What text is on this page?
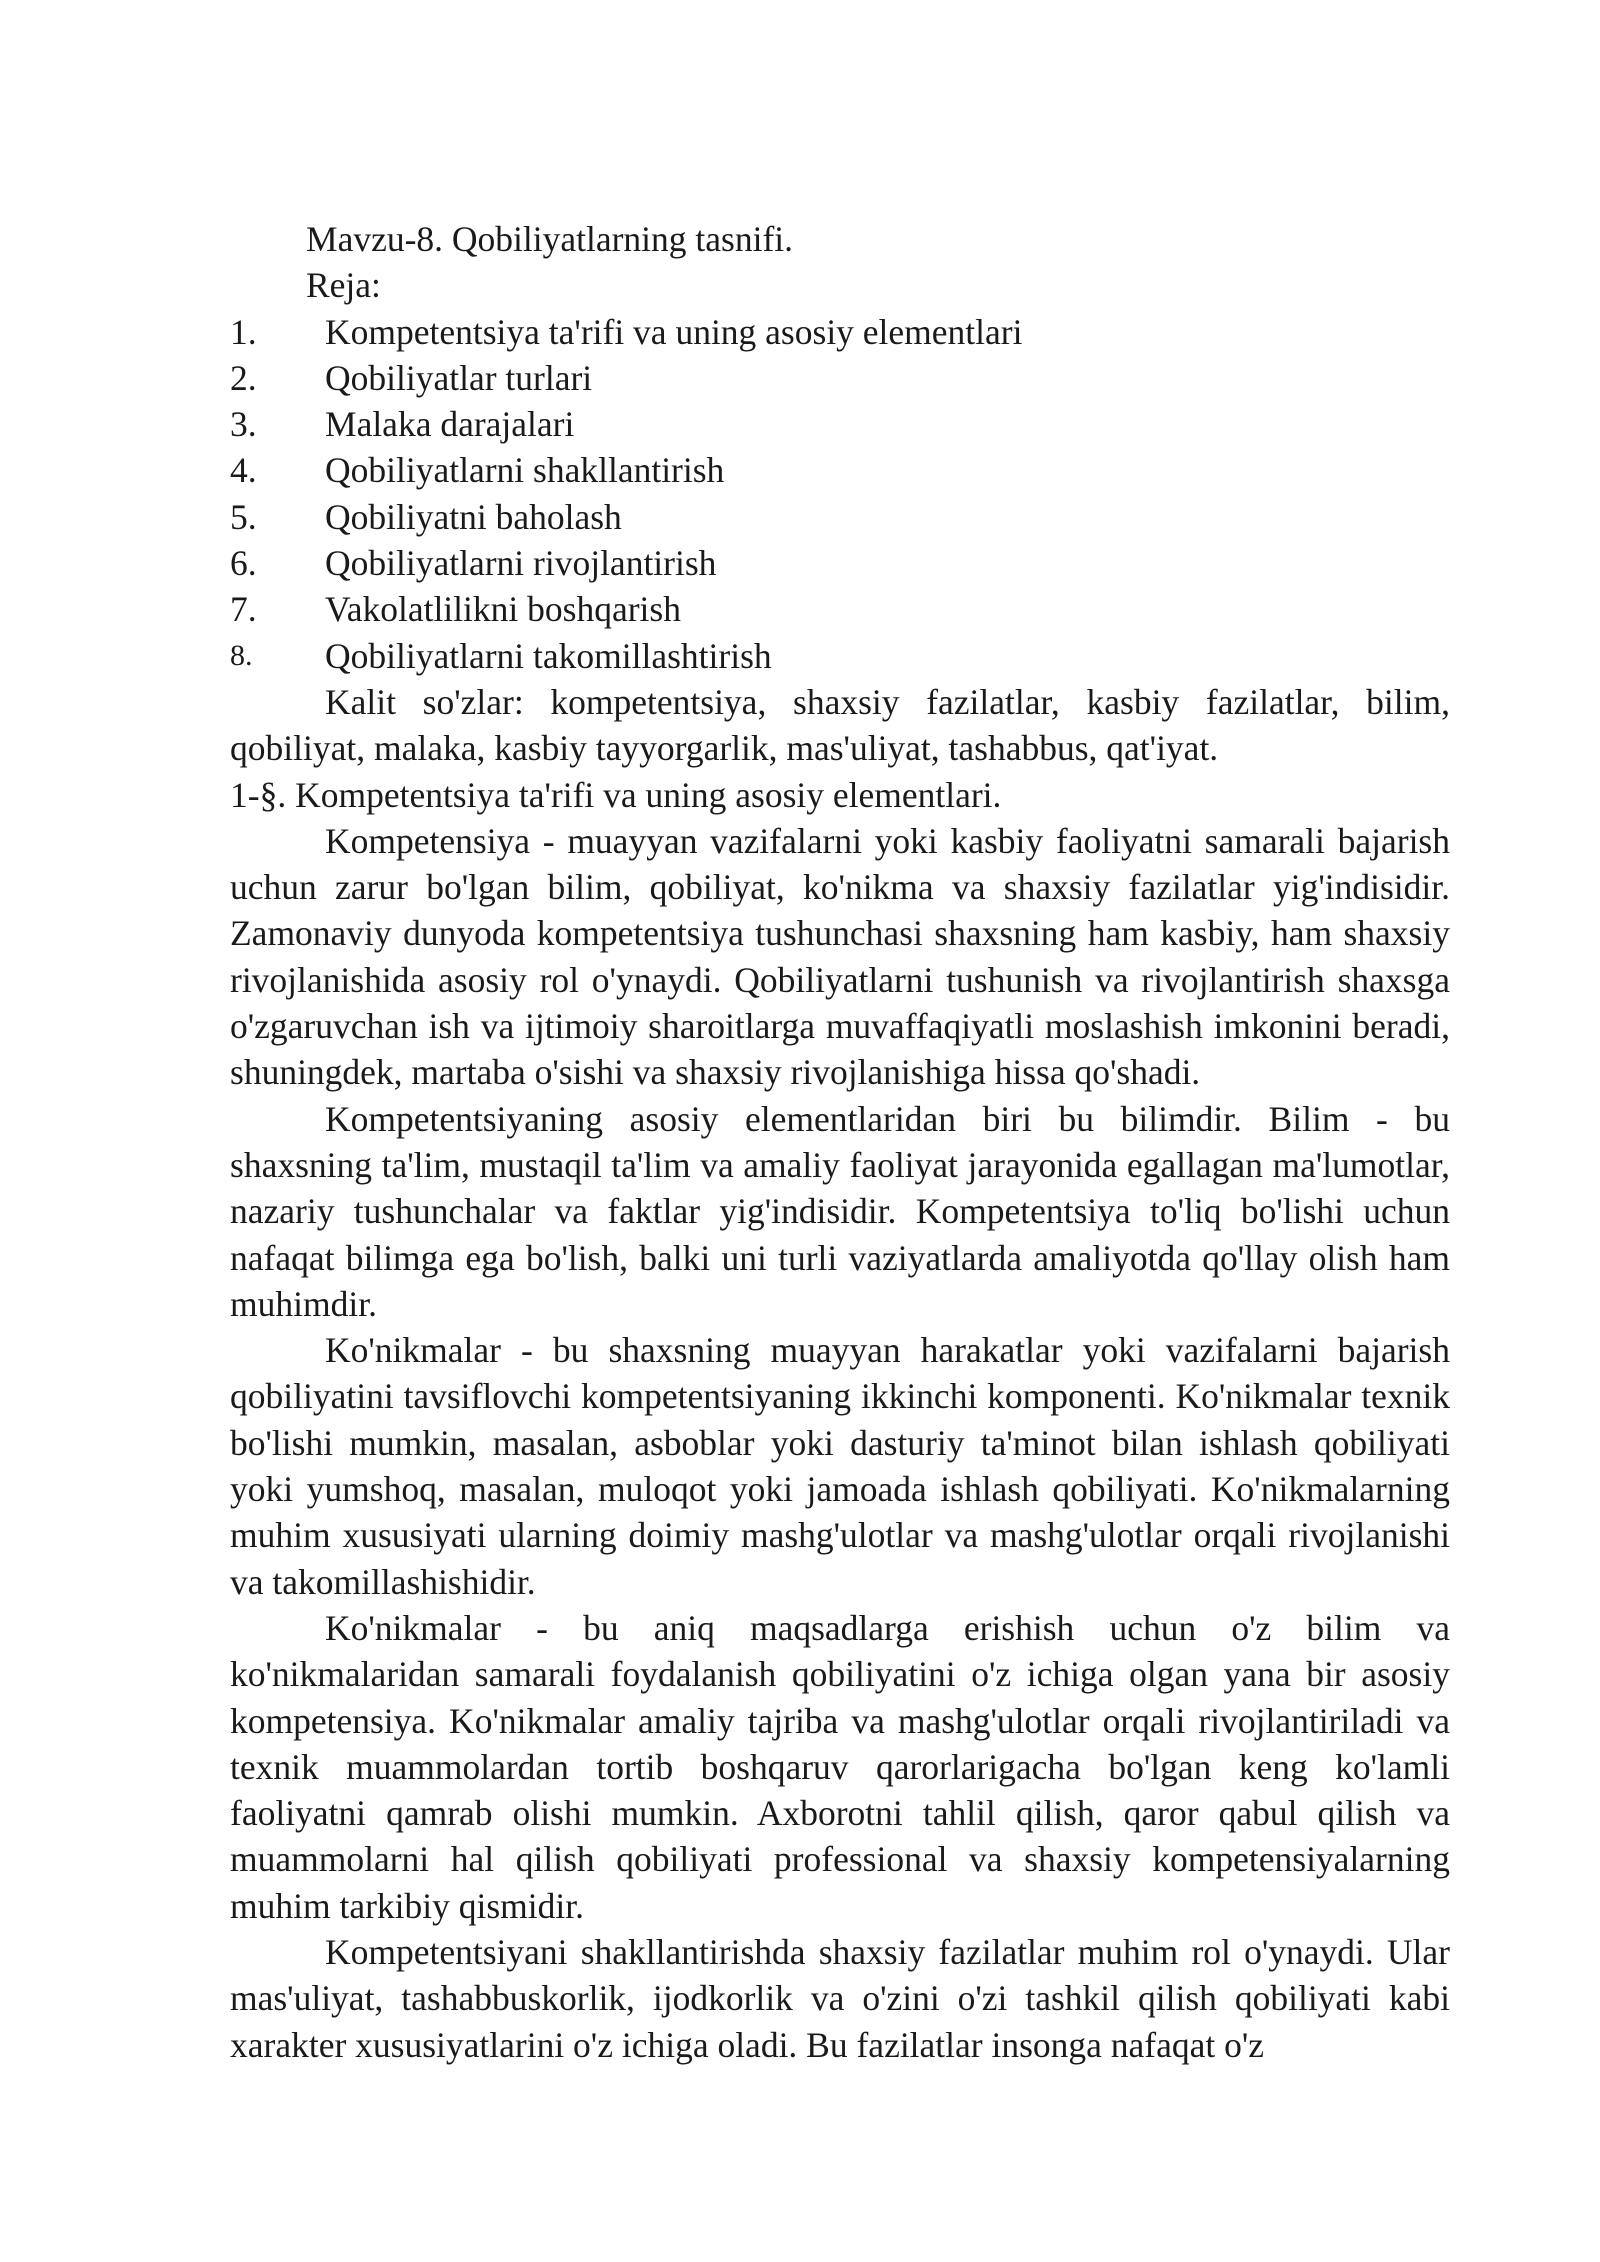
Mavzu-8. Qobiliyatlarning tasnifi.
Reja:
1.	Kompetentsiya ta'rifi va uning asosiy elementlari
2.	Qobiliyatlar turlari
3.	Malaka darajalari
4.	Qobiliyatlarni shakllantirish
5.	Qobiliyatni baholash
6.	Qobiliyatlarni rivojlantirish
7.	Vakolatlilikni boshqarish
8.	Qobiliyatlarni takomillashtirish

Kalit so'zlar: kompetentsiya, shaxsiy fazilatlar, kasbiy fazilatlar, bilim, qobiliyat, malaka, kasbiy tayyorgarlik, mas'uliyat, tashabbus, qat'iyat.

1-§. Kompetentsiya ta'rifi va uning asosiy elementlari.

Kompetensiya - muayyan vazifalarni yoki kasbiy faoliyatni samarali bajarish uchun zarur bo'lgan bilim, qobiliyat, ko'nikma va shaxsiy fazilatlar yig'indisidir. Zamonaviy dunyoda kompetentsiya tushunchasi shaxsning ham kasbiy, ham shaxsiy rivojlanishida asosiy rol o'ynaydi. Qobiliyatlarni tushunish va rivojlantirish shaxsga o'zgaruvchan ish va ijtimoiy sharoitlarga muvaffaqiyatli moslashish imkonini beradi, shuningdek, martaba o'sishi va shaxsiy rivojlanishiga hissa qo'shadi.

Kompetentsiyaning asosiy elementlaridan biri bu bilimdir. Bilim - bu shaxsning ta'lim, mustaqil ta'lim va amaliy faoliyat jarayonida egallagan ma'lumotlar, nazariy tushunchalar va faktlar yig'indisidir. Kompetentsiya to'liq bo'lishi uchun nafaqat bilimga ega bo'lish, balki uni turli vaziyatlarda amaliyotda qo'llay olish ham muhimdir.

Ko'nikmalar - bu shaxsning muayyan harakatlar yoki vazifalarni bajarish qobiliyatini tavsiflovchi kompetentsiyaning ikkinchi komponenti. Ko'nikmalar texnik bo'lishi mumkin, masalan, asboblar yoki dasturiy ta'minot bilan ishlash qobiliyati yoki yumshoq, masalan, muloqot yoki jamoada ishlash qobiliyati. Ko'nikmalarning muhim xususiyati ularning doimiy mashg'ulotlar va mashg'ulotlar orqali rivojlanishi va takomillashishidir.

Ko'nikmalar - bu aniq maqsadlarga erishish uchun o'z bilim va ko'nikmalaridan samarali foydalanish qobiliyatini o'z ichiga olgan yana bir asosiy kompetensiya. Ko'nikmalar amaliy tajriba va mashg'ulotlar orqali rivojlantiriladi va texnik muammolardan tortib boshqaruv qarorlarigacha bo'lgan keng ko'lamli faoliyatni qamrab olishi mumkin. Axborotni tahlil qilish, qaror qabul qilish va muammolarni hal qilish qobiliyati professional va shaxsiy kompetensiyalarning muhim tarkibiy qismidir.

Kompetentsiyani shakllantirishda shaxsiy fazilatlar muhim rol o'ynaydi. Ular mas'uliyat, tashabbuskorlik, ijodkorlik va o'zini o'zi tashkil qilish qobiliyati kabi xarakter xususiyatlarini o'z ichiga oladi. Bu fazilatlar insonga nafaqat o'z
